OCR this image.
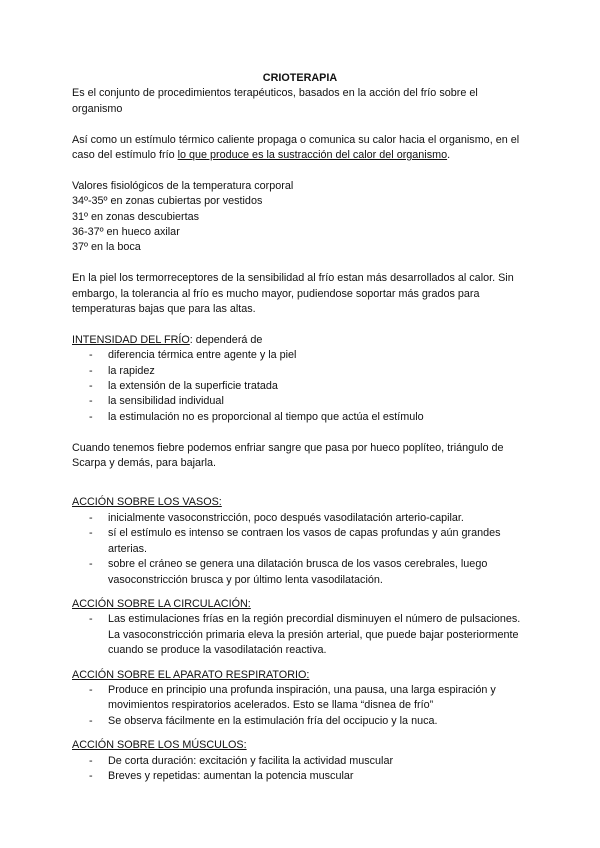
CRIOTERAPIA

Es el conjunto de procedimientos terapéuticos, basados en la acción del frío sobre el organismo

Así como un estímulo térmico caliente propaga o comunica su calor hacia el organismo, en el caso del estímulo frío lo que produce es la sustracción del calor del organismo.

Valores fisiológicos de la temperatura corporal

34º-35º en zonas cubiertas por vestidos

31º en zonas descubiertas

36-37º en hueco axilar

37º en la boca

En la piel los termorreceptores de la sensibilidad al frío estan más desarrollados al calor. Sin embargo, la tolerancia al frío es mucho mayor, pudiendose soportar más grados para temperaturas bajas que para las altas.

INTENSIDAD DEL FRÍO: dependerá de

- diferencia térmica entre agente y la piel
- la rapidez
- la extensión de la superficie tratada
- la sensibilidad individual
- la estimulación no es proporcional al tiempo que actúa el estímulo

Cuando tenemos fiebre podemos enfriar sangre que pasa por hueco poplíteo, triángulo de Scarpa y demás, para bajarla.

ACCIÓN SOBRE LOS VASOS:

- inicialmente vasoconstricción, poco después vasodilatación arterio-capilar.
- sí el estímulo es intenso se contraen los vasos de capas profundas y aún grandes arterias.
- sobre el cráneo se genera una dilatación brusca de los vasos cerebrales, luego vasoconstricción brusca y por último lenta vasodilatación.

ACCIÓN SOBRE LA CIRCULACIÓN:

- Las estimulaciones frías en la región precordial disminuyen el número de pulsaciones. La vasoconstricción primaria eleva la presión arterial, que puede bajar posteriormente cuando se produce la vasodilatación reactiva.

ACCIÓN SOBRE EL APARATO RESPIRATORIO:

- Produce en principio una profunda inspiración, una pausa, una larga espiración y movimientos respiratorios acelerados. Esto se llama “disnea de frío”
- Se observa fácilmente en la estimulación fría del occipucio y la nuca.

ACCIÓN SOBRE LOS MÚSCULOS:

- De corta duración: excitación y facilita la actividad muscular
- Breves y repetidas: aumentan la potencia muscular
